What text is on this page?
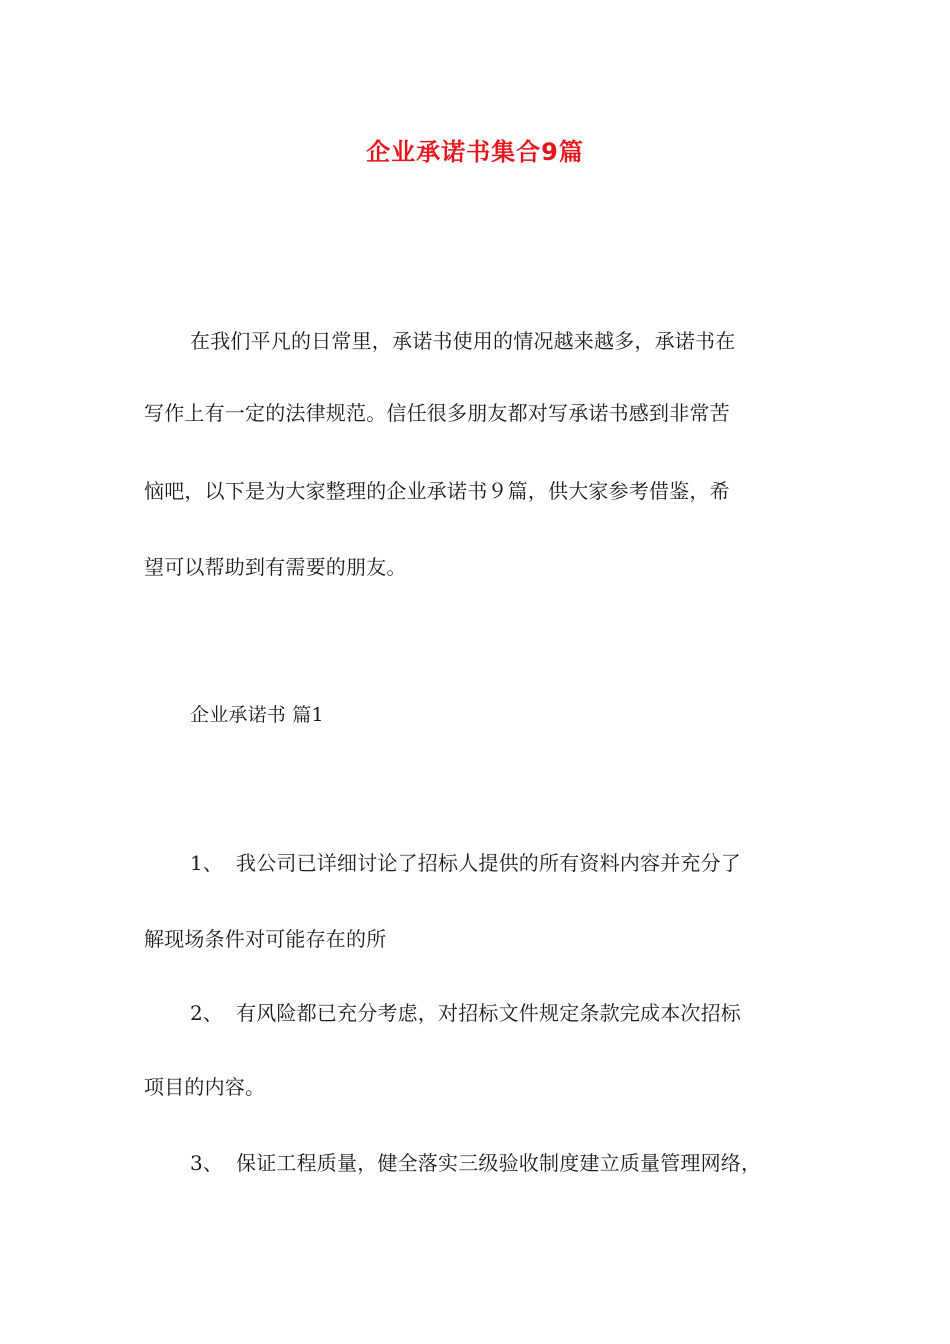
企业承诺书集合9篇
在我们平凡的日常里，承诺书使用的情况越来越多，承诺书在
写作上有一定的法律规范。信任很多朋友都对写承诺书感到非常苦
恼吧，以下是为大家整理的企业承诺书９篇，供大家参考借鉴，希
望可以帮助到有需要的朋友。
企业承诺书 篇1
1、 我公司已详细讨论了招标人提供的所有资料内容并充分了
解现场条件对可能存在的所
2、 有风险都已充分考虑，对招标文件规定条款完成本次招标
项目的内容。
3、 保证工程质量，健全落实三级验收制度建立质量管理网络，
